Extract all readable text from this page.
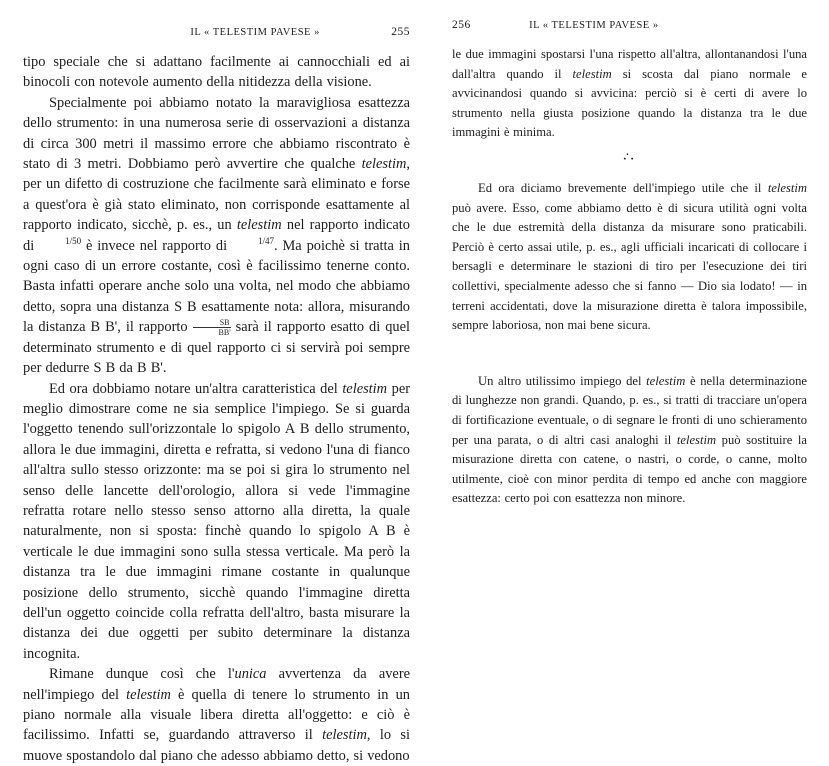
IL « TELESTIM PAVESE »	255

tipo speciale che si adattano facilmente ai cannocchiali ed ai binocoli con notevole aumento della nitidezza della visione.

Specialmente poi abbiamo notato la maravigliosa esattezza dello strumento: in una numerosa serie di osservazioni a distanza di circa 300 metri il massimo errore che abbiamo riscontrato è stato di 3 metri. Dobbiamo però avvertire che qualche telestim, per un difetto di costruzione che facilmente sarà eliminato e forse a quest'ora è già stato eliminato, non corrisponde esattamente al rapporto indicato, sicchè, p. es., un telestim nel rapporto indicato di	1/50 è invece nel rapporto di	1/47. Ma poichè si tratta in ogni caso di un errore costante, così è facilissimo tenerne conto. Basta infatti operare anche solo una volta, nel modo che abbiamo detto, sopra una distanza S B esattamente nota: allora, misurando la distanza B B', il rapporto $\frac{SB}{BB'}$ sarà il rapporto esatto di quel determinato strumento e di quel rapporto ci si servirà poi sempre per dedurre S B da B B'.

Ed ora dobbiamo notare un'altra caratteristica del telestim per meglio dimostrare come ne sia semplice l'impiego. Se si guarda l'oggetto tenendo sull'orizzontale lo spigolo A B dello strumento, allora le due immagini, diretta e refratta, si vedono l'una di fianco all'altra sullo stesso orizzonte: ma se poi si gira lo strumento nel senso delle lancette dell'orologio, allora si vede l'immagine refratta rotare nello stesso senso attorno alla diretta, la quale naturalmente, non si sposta: finchè quando lo spigolo A B è verticale le due immagini sono sulla stessa verticale. Ma però la distanza tra le due immagini rimane costante in qualunque posizione dello strumento, sicchè quando l'immagine diretta dell'un oggetto coincide colla refratta dell'altro, basta misurare la distanza dei due oggetti per subito determinare la distanza incognita.

Rimane dunque così che l'unica avvertenza da avere nell'impiego del telestim è quella di tenere lo strumento in un piano normale alla visuale libera diretta all'oggetto: e ciò è facilissimo. Infatti se, guardando attraverso il telestim, lo si muove spostandolo dal piano che adesso abbiamo detto, si vedono

256	IL « TELESTIM PAVESE »

le due immagini spostarsi l'una rispetto all'altra, allontanandosi l'una dall'altra quando il telestim si scosta dal piano normale e avvicinandosi quando si avvicina: perciò si è certi di avere lo strumento nella giusta posizione quando la distanza tra le due immagini è minima.

·̇·

Ed ora diciamo brevemente dell'impiego utile che il telestim può avere. Esso, come abbiamo detto è di sicura utilità ogni volta che le due estremità della distanza da misurare sono praticabili. Perciò è certo assai utile, p. es., agli ufficiali incaricati di collocare i bersagli e determinare le stazioni di tiro per l'esecuzione dei tiri collettivi, specialmente adesso che si fanno — Dio sia lodato! — in terreni accidentati, dove la misurazione diretta è talora impossibile, sempre laboriosa, non mai bene sicura.

Un altro utilissimo impiego del telestim è nella determinazione di lunghezze non grandi. Quando, p. es., si tratti di tracciare un'opera di fortificazione eventuale, o di segnare le fronti di uno schieramento per una parata, o di altri casi analoghi il telestim può sostituire la misurazione diretta con catene, o nastri, o corde, o canne, molto utilmente, cioè con minor perdita di tempo ed anche con maggiore esattezza: certo poi con esattezza non minore.
